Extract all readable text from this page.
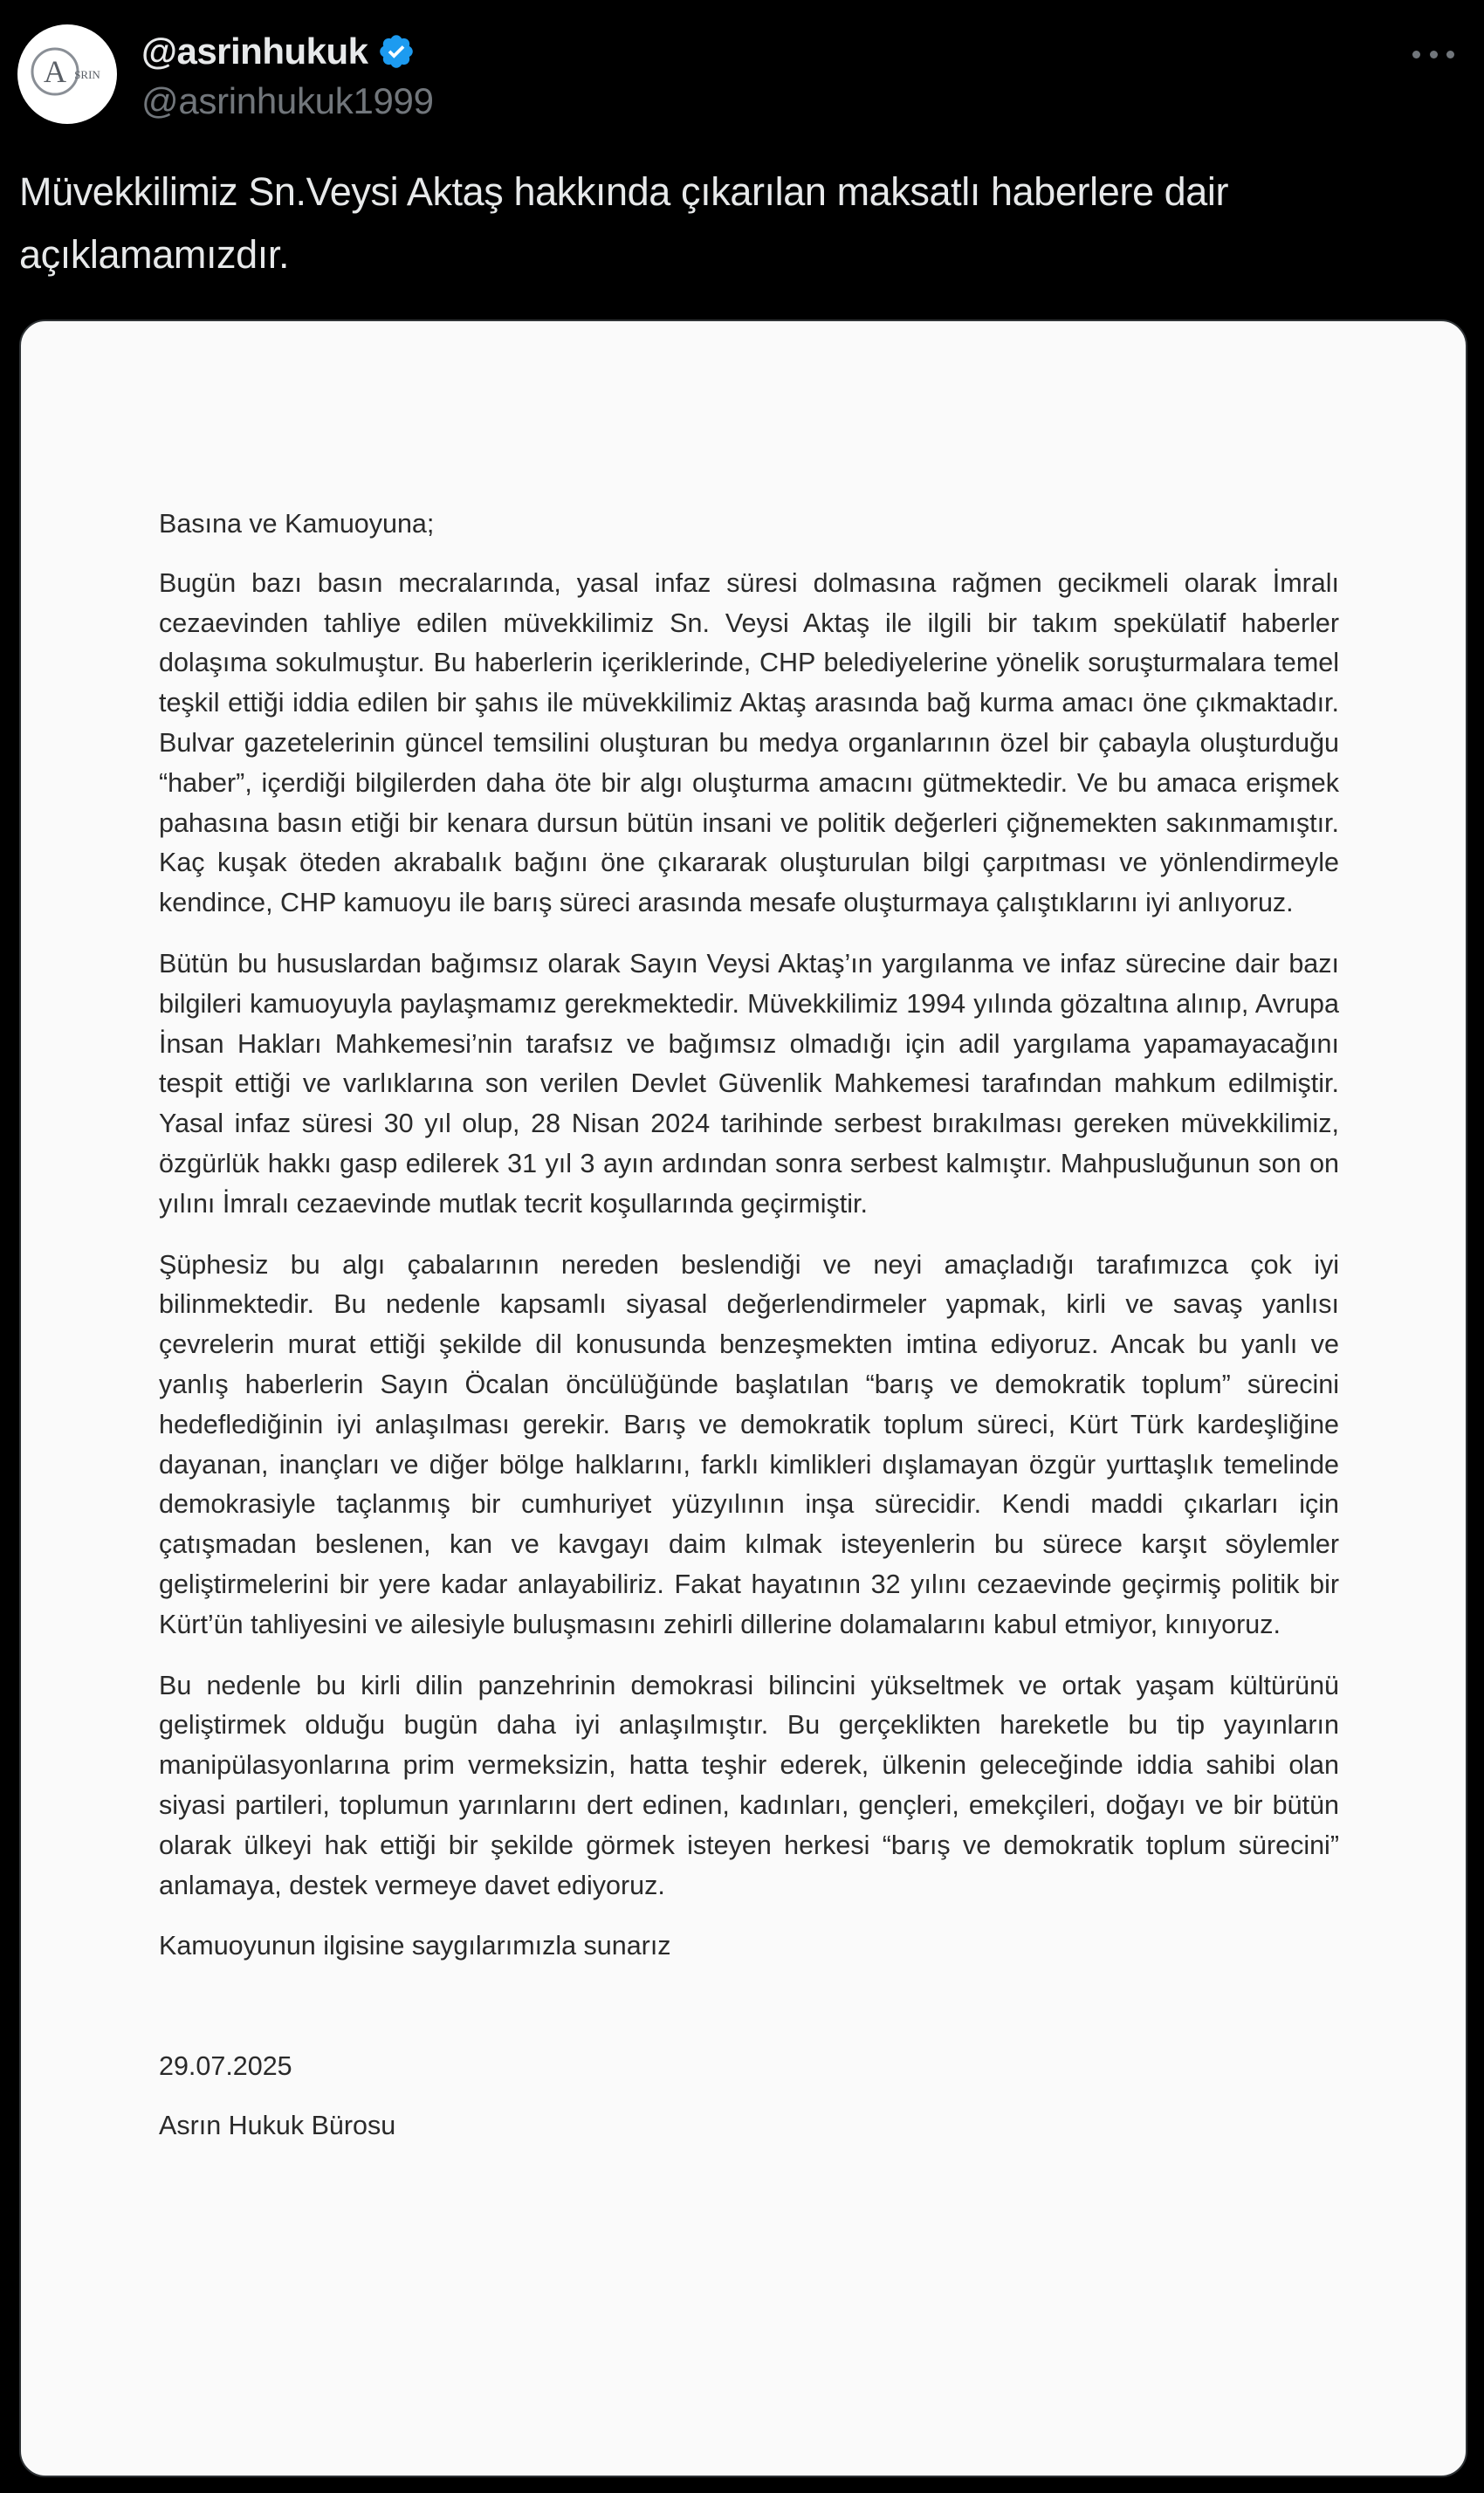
A SRIN
@asrinhukuk
@asrinhukuk1999
Müvekkilimiz Sn.Veysi Aktaş hakkında çıkarılan maksatlı haberlere dair açıklamamızdır.

Basına ve Kamuoyuna;

Bugün bazı basın mecralarında, yasal infaz süresi dolmasına rağmen gecikmeli olarak İmralı cezaevinden tahliye edilen müvekkilimiz Sn. Veysi Aktaş ile ilgili bir takım spekülatif haberler dolaşıma sokulmuştur. Bu haberlerin içeriklerinde, CHP belediyelerine yönelik soruşturmalara temel teşkil ettiği iddia edilen bir şahıs ile müvekkilimiz Aktaş arasında bağ kurma amacı öne çıkmaktadır. Bulvar gazetelerinin güncel temsilini oluşturan bu medya organlarının özel bir çabayla oluşturduğu “haber”, içerdiği bilgilerden daha öte bir algı oluşturma amacını gütmektedir. Ve bu amaca erişmek pahasına basın etiği bir kenara dursun bütün insani ve politik değerleri çiğnemekten sakınmamıştır. Kaç kuşak öteden akrabalık bağını öne çıkararak oluşturulan bilgi çarpıtması ve yönlendirmeyle kendince, CHP kamuoyu ile barış süreci arasında mesafe oluşturmaya çalıştıklarını iyi anlıyoruz.

Bütün bu hususlardan bağımsız olarak Sayın Veysi Aktaş’ın yargılanma ve infaz sürecine dair bazı bilgileri kamuoyuyla paylaşmamız gerekmektedir. Müvekkilimiz 1994 yılında gözaltına alınıp, Avrupa İnsan Hakları Mahkemesi’nin tarafsız ve bağımsız olmadığı için adil yargılama yapamayacağını tespit ettiği ve varlıklarına son verilen Devlet Güvenlik Mahkemesi tarafından mahkum edilmiştir. Yasal infaz süresi 30 yıl olup, 28 Nisan 2024 tarihinde serbest bırakılması gereken müvekkilimiz, özgürlük hakkı gasp edilerek 31 yıl 3 ayın ardından sonra serbest kalmıştır. Mahpusluğunun son on yılını İmralı cezaevinde mutlak tecrit koşullarında geçirmiştir.

Şüphesiz bu algı çabalarının nereden beslendiği ve neyi amaçladığı tarafımızca çok iyi bilinmektedir. Bu nedenle kapsamlı siyasal değerlendirmeler yapmak, kirli ve savaş yanlısı çevrelerin murat ettiği şekilde dil konusunda benzeşmekten imtina ediyoruz. Ancak bu yanlı ve yanlış haberlerin Sayın Öcalan öncülüğünde başlatılan “barış ve demokratik toplum” sürecini hedeflediğinin iyi anlaşılması gerekir. Barış ve demokratik toplum süreci, Kürt Türk kardeşliğine dayanan, inançları ve diğer bölge halklarını, farklı kimlikleri dışlamayan özgür yurttaşlık temelinde demokrasiyle taçlanmış bir cumhuriyet yüzyılının inşa sürecidir. Kendi maddi çıkarları için çatışmadan beslenen, kan ve kavgayı daim kılmak isteyenlerin bu sürece karşıt söylemler geliştirmelerini bir yere kadar anlayabiliriz. Fakat hayatının 32 yılını cezaevinde geçirmiş politik bir Kürt’ün tahliyesini ve ailesiyle buluşmasını zehirli dillerine dolamalarını kabul etmiyor, kınıyoruz.

Bu nedenle bu kirli dilin panzehrinin demokrasi bilincini yükseltmek ve ortak yaşam kültürünü geliştirmek olduğu bugün daha iyi anlaşılmıştır. Bu gerçeklikten hareketle bu tip yayınların manipülasyonlarına prim vermeksizin, hatta teşhir ederek, ülkenin geleceğinde iddia sahibi olan siyasi partileri, toplumun yarınlarını dert edinen, kadınları, gençleri, emekçileri, doğayı ve bir bütün olarak ülkeyi hak ettiği bir şekilde görmek isteyen herkesi “barış ve demokratik toplum sürecini” anlamaya, destek vermeye davet ediyoruz.

Kamuoyunun ilgisine saygılarımızla sunarız

29.07.2025

Asrın Hukuk Bürosu
